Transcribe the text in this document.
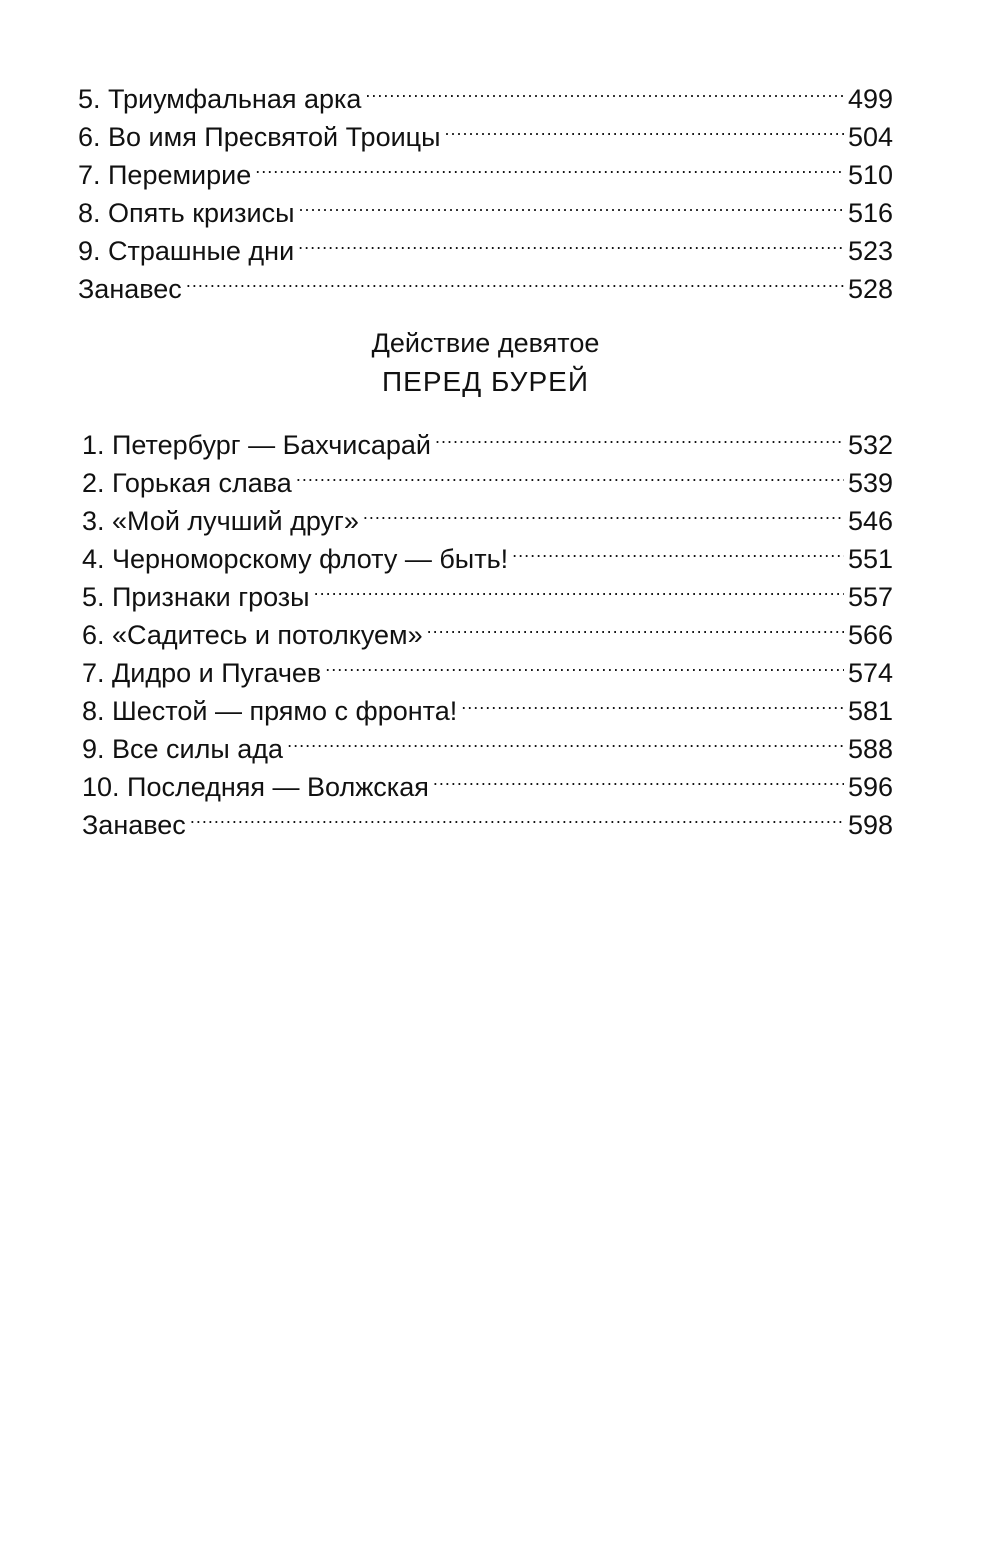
5. Триумфальная арка .....	499
6. Во имя Пресвятой Троицы .....	504
7. Перемирие .....	510
8. Опять кризисы .....	516
9. Страшные дни .....	523
Занавес .....	528
Действие девятое
ПЕРЕД БУРЕЙ
1. Петербург — Бахчисарай .....	532
2. Горькая слава .....	539
3. «Мой лучший друг» .....	546
4. Черноморскому флоту — быть! .....	551
5. Признаки грозы .....	557
6. «Садитесь и потолкуем» .....	566
7. Дидро и Пугачев .....	574
8. Шестой — прямо с фронта! .....	581
9. Все силы ада .....	588
10. Последняя — Волжская .....	596
Занавес .....	598
